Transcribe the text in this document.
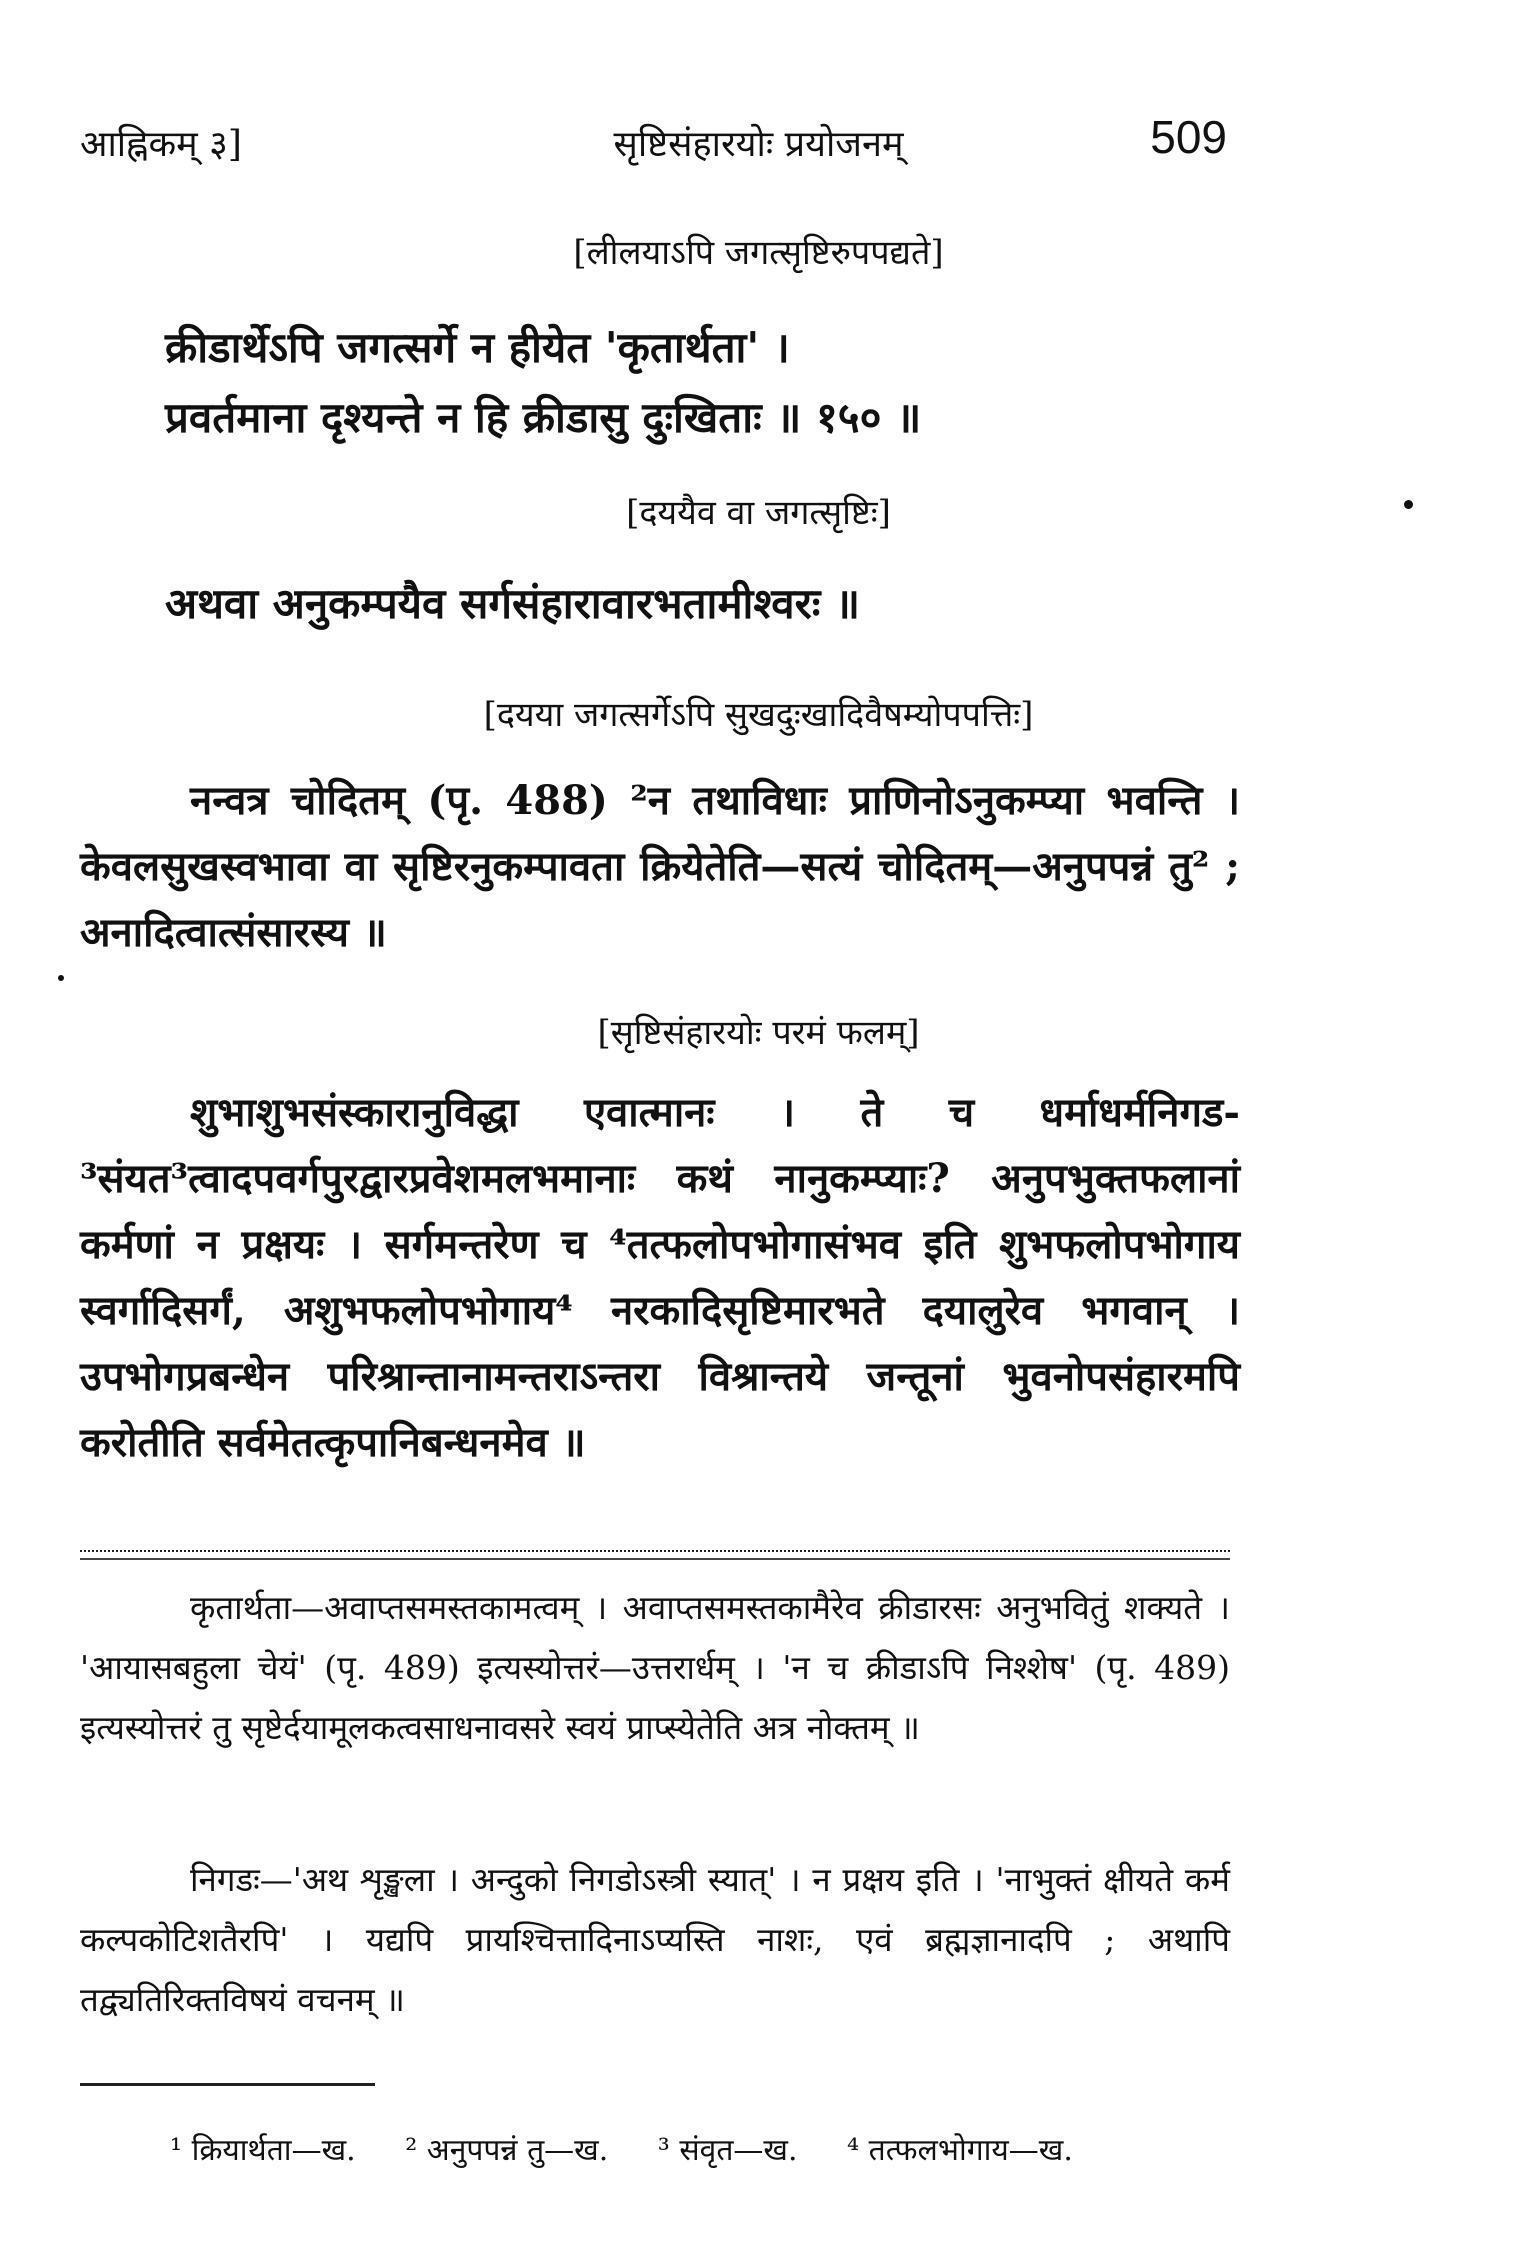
आह्निकम् ३]	सृष्टिसंहारयोः प्रयोजनम्	509
[लीलयाऽपि जगत्सृष्टिरुपपद्यते]
क्रीडार्थेऽपि जगत्सर्गे न हीयेत 'कृतार्थता' ।
प्रवर्तमाना दृश्यन्ते न हि क्रीडासु दुःखिताः ॥ १५० ॥
[दययैव वा जगत्सृष्टिः]
अथवा अनुकम्पयैव सर्गसंहारावारभतामीश्वरः ॥
[दयया जगत्सर्गेऽपि सुखदुःखादिवैषम्योपपत्तिः]

नन्वत्र चोदितम् (पृ. 488) ²न तथाविधाः प्राणिनोऽनुकम्प्या भवन्ति । केवलसुखस्वभावा वा सृष्टिरनुकम्पावता क्रियेतेति—सत्यं चोदितम्—अनुपपन्नं तु² ; अनादित्वात्संसारस्य ॥

[सृष्टिसंहारयोः परमं फलम्]

शुभाशुभसंस्कारानुविद्धा एवात्मानः । ते च धर्माधर्मनिगड-³संयत³त्वादपवर्गपुरद्वारप्रवेशमलभमानाः कथं नानुकम्प्याः? अनुपभुक्तफलानां कर्मणां न प्रक्षयः । सर्गमन्तरेण च ⁴तत्फलोपभोगासंभव इति शुभफलोपभोगाय स्वर्गादिसर्गं, अशुभफलोपभोगाय⁴ नरकादिसृष्टिमारभते दयालुरेव भगवान् । उपभोगप्रबन्धेन परिश्रान्तानामन्तराऽन्तरा विश्रान्तये जन्तूनां भुवनोपसंहारमपि करोतीति सर्वमेतत्कृपानिबन्धनमेव ॥

कृतार्थता—अवाप्तसमस्तकामत्वम् । अवाप्तसमस्तकामैरेव क्रीडारसः अनुभवितुं शक्यते । 'आयासबहुला चेयं' (पृ. 489) इत्यस्योत्तरं—उत्तरार्धम् । 'न च क्रीडाऽपि निश्शेष' (पृ. 489) इत्यस्योत्तरं तु सृष्टेर्दयामूलकत्वसाधनावसरे स्वयं प्राप्स्येतेति अत्र नोक्तम् ॥

निगडः—'अथ शृङ्खला । अन्दुको निगडोऽस्त्री स्यात्' । न प्रक्षय इति । 'नाभुक्तं क्षीयते कर्म कल्पकोटिशतैरपि' । यद्यपि प्रायश्चित्तादिनाऽप्यस्ति नाशः, एवं ब्रह्मज्ञानादपि ; अथापि तद्व्यतिरिक्तविषयं वचनम् ॥

¹ क्रियार्थता—ख. ² अनुपपन्नं तु—ख. ³ संवृत—ख. ⁴ तत्फलभोगाय—ख.
